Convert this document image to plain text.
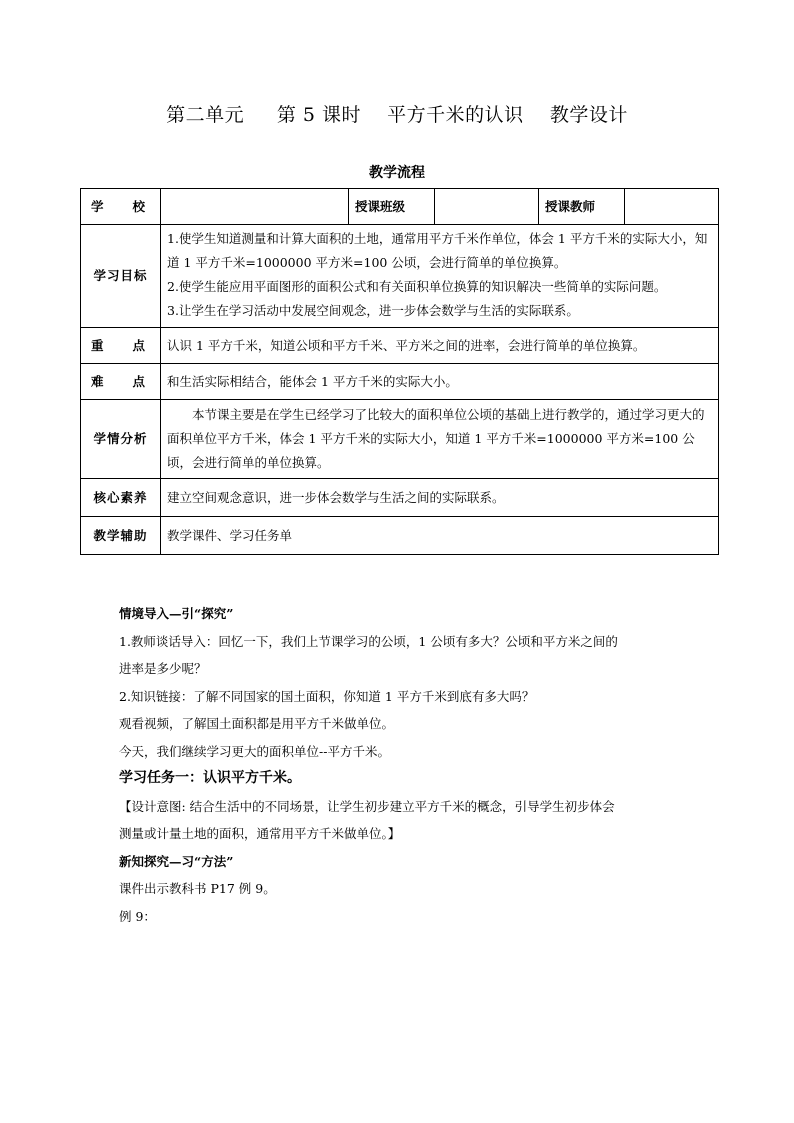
第二单元     第 5 课时    平方千米的认识    教学设计
教学流程
学 校		授课班级		授课教师	
学习目标	1.使学生知道测量和计算大面积的土地，通常用平方千米作单位，体会 1 平方千米的实际大小，知道 1 平方千米=1000000 平方米=100 公顷，会进行简单的单位换算。

2.使学生能应用平面图形的面积公式和有关面积单位换算的知识解决一些简单的实际问题。

3.让学生在学习活动中发展空间观念，进一步体会数学与生活的实际联系。				

重 点	认识 1 平方千米，知道公顷和平方千米、平方米之间的进率，会进行简单的单位换算。				
难 点	和生活实际相结合，能体会 1 平方千米的实际大小。				
学情分析	本节课主要是在学生已经学习了比较大的面积单位公顷的基础上进行教学的，通过学习更大的面积单位平方千米，体会 1 平方千米的实际大小，知道 1 平方千米=1000000 平方米=100 公顷，会进行简单的单位换算。				
核心素养	建立空间观念意识，进一步体会数学与生活之间的实际联系。				
教学辅助	教学课件、学习任务单				

情境导入—引“探究”

1.教师谈话导入：回忆一下，我们上节课学习的公顷，1 公顷有多大？公顷和平方米之间的

进率是多少呢？

2.知识链接：了解不同国家的国土面积，你知道 1 平方千米到底有多大吗？

观看视频，了解国土面积都是用平方千米做单位。

今天，我们继续学习更大的面积单位--平方千米。

学习任务一：认识平方千米。

【设计意图: 结合生活中的不同场景，让学生初步建立平方千米的概念，引导学生初步体会

测量或计量土地的面积，通常用平方千米做单位。】

新知探究—习“方法”

课件出示教科书 P17 例 9。

例 9：
